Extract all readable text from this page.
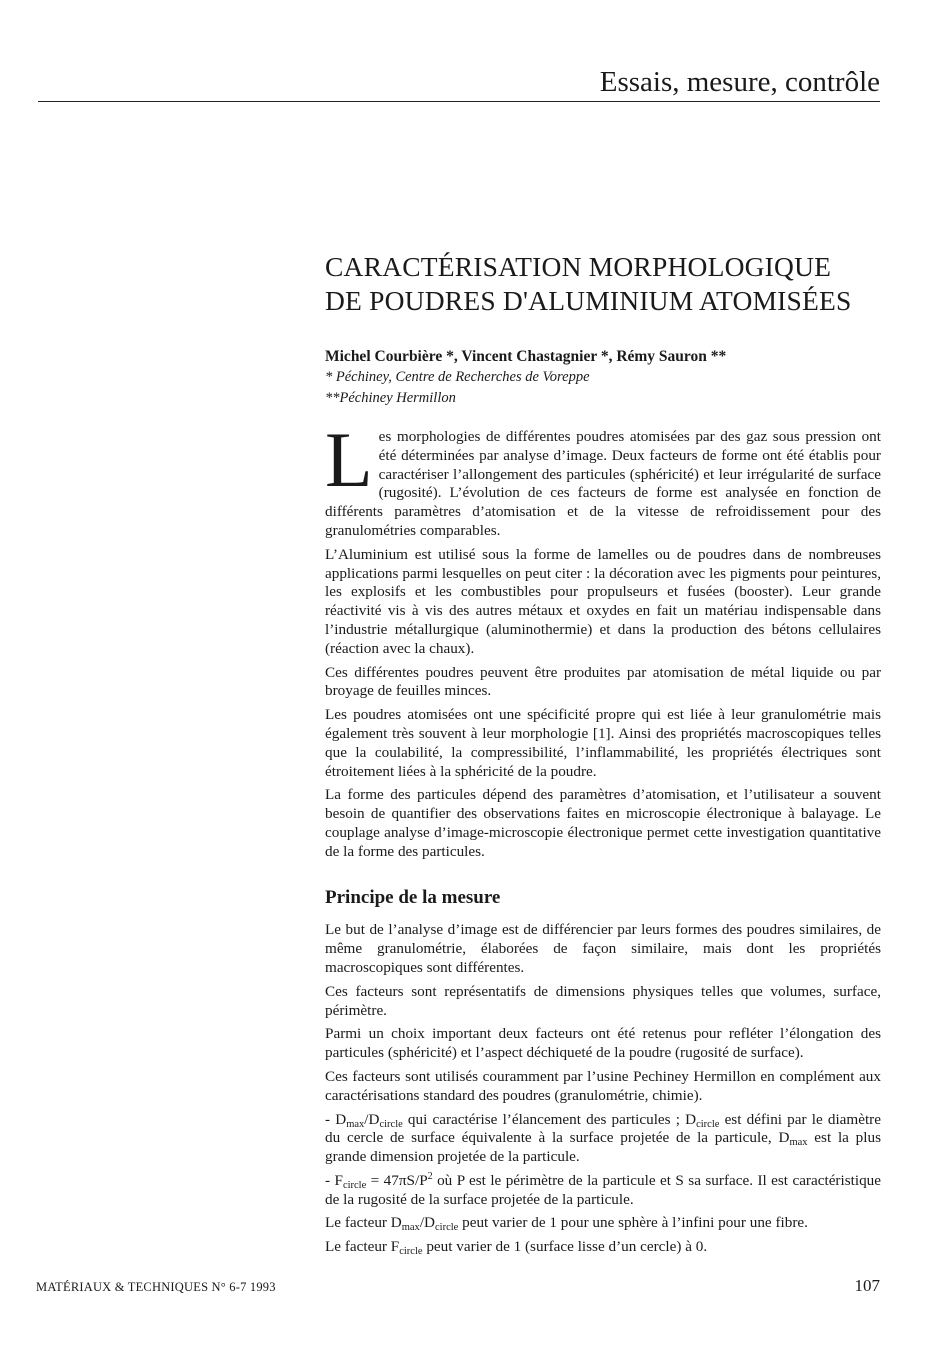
Essais, mesure, contrôle
CARACTÉRISATION MORPHOLOGIQUE
DE POUDRES D'ALUMINIUM ATOMISÉES
Michel Courbière *, Vincent Chastagnier *, Rémy Sauron **
* Péchiney, Centre de Recherches de Voreppe
**Péchiney Hermillon

Les morphologies de différentes poudres atomisées par des gaz sous pression ont été déterminées par analyse d’image. Deux facteurs de forme ont été établis pour caractériser l’allongement des particules (sphéricité) et leur irrégularité de surface (rugosité). L’évolution de ces facteurs de forme est analysée en fonction de différents paramètres d’atomisation et de la vitesse de refroidissement pour des granulométries comparables.

L’Aluminium est utilisé sous la forme de lamelles ou de poudres dans de nombreuses applications parmi lesquelles on peut citer : la décoration avec les pigments pour peintures, les explosifs et les combustibles pour propulseurs et fusées (booster). Leur grande réactivité vis à vis des autres métaux et oxydes en fait un matériau indispensable dans l’industrie métallurgique (aluminothermie) et dans la production des bétons cellulaires (réaction avec la chaux).

Ces différentes poudres peuvent être produites par atomisation de métal liquide ou par broyage de feuilles minces.

Les poudres atomisées ont une spécificité propre qui est liée à leur granulométrie mais également très souvent à leur morphologie [1]. Ainsi des propriétés macroscopiques telles que la coulabilité, la compressibilité, l’inflammabilité, les propriétés électriques sont étroitement liées à la sphéricité de la poudre.

La forme des particules dépend des paramètres d’atomisation, et l’utilisateur a souvent besoin de quantifier des observations faites en microscopie électronique à balayage. Le couplage analyse d’image-microscopie électronique permet cette investigation quantitative de la forme des particules.

Principe de la mesure

Le but de l’analyse d’image est de différencier par leurs formes des poudres similaires, de même granulométrie, élaborées de façon similaire, mais dont les propriétés macroscopiques sont différentes.

Ces facteurs sont représentatifs de dimensions physiques telles que volumes, surface, périmètre.

Parmi un choix important deux facteurs ont été retenus pour refléter l’élongation des particules (sphéricité) et l’aspect déchiqueté de la poudre (rugosité de surface).

Ces facteurs sont utilisés couramment par l’usine Pechiney Hermillon en complément aux caractérisations standard des poudres (granulométrie, chimie).

- $D_{max}/D_{circle}$ qui caractérise l’élancement des particules ; $D_{circle}$ est défini par le diamètre du cercle de surface équivalente à la surface projetée de la particule, $D_{max}$ est la plus grande dimension projetée de la particule.

- $F_{circle} = 47\pi S/P^2$ où P est le périmètre de la particule et S sa surface. Il est caractéristique de la rugosité de la surface projetée de la particule.

Le facteur $D_{max}/D_{circle}$ peut varier de 1 pour une sphère à l’infini pour une fibre.

Le facteur $F_{circle}$ peut varier de 1 (surface lisse d’un cercle) à 0.

MATÉRIAUX & TECHNIQUES N° 6-7 1993	107
